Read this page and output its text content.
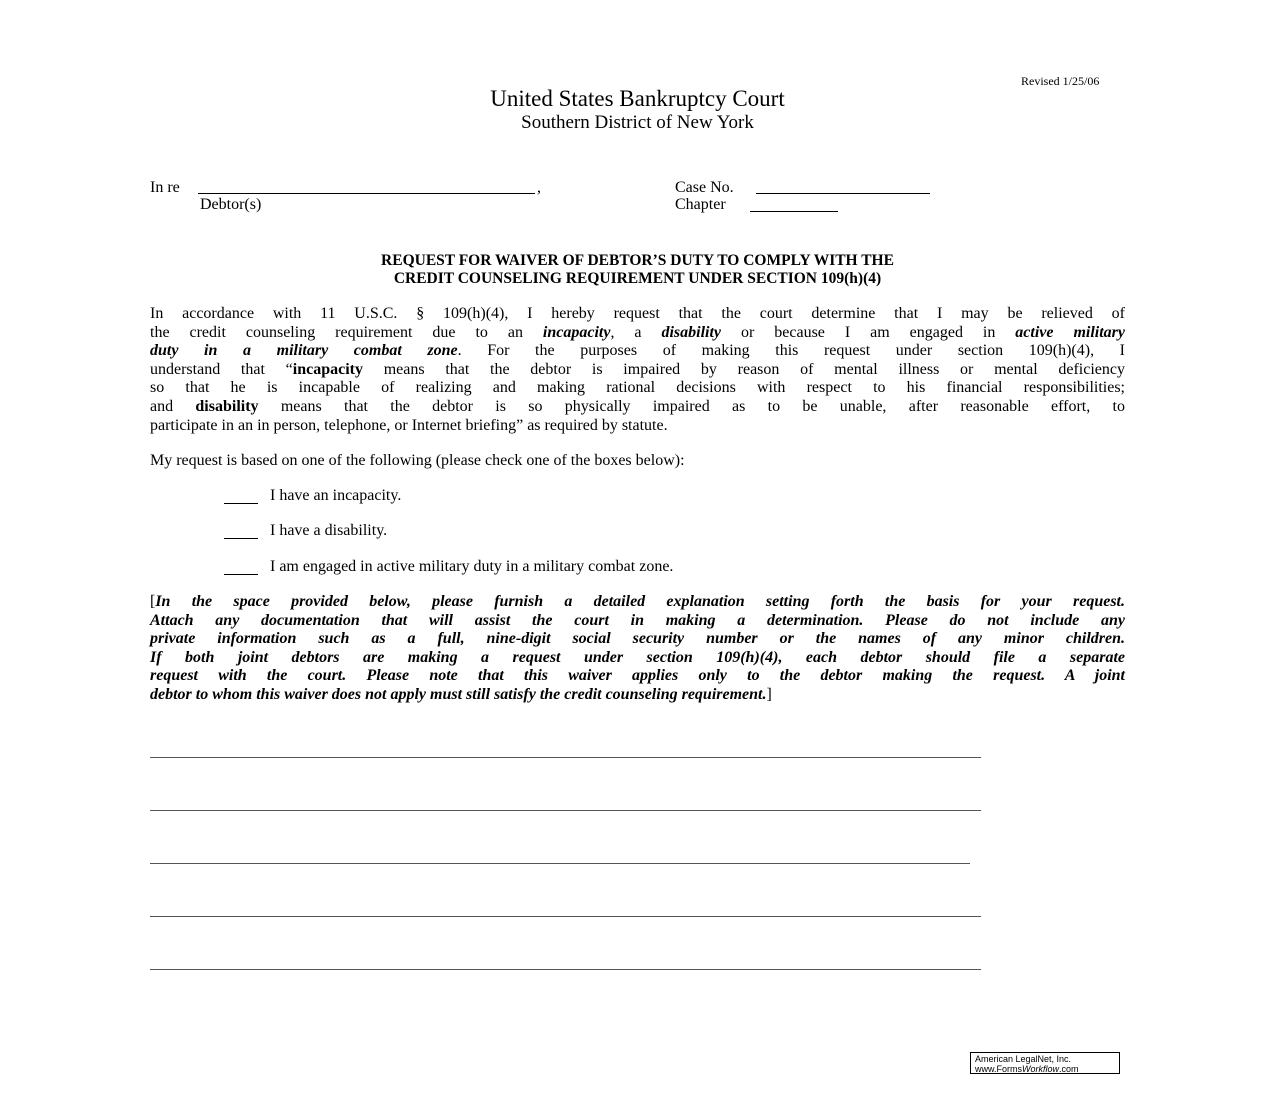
Revised 1/25/06
United States Bankruptcy Court
Southern District of New York
In re	,
Debtor(s)
Case No.
Chapter
REQUEST FOR WAIVER OF DEBTOR’S DUTY TO COMPLY WITH THE
CREDIT COUNSELING REQUIREMENT UNDER SECTION 109(h)(4)
In accordance with 11 U.S.C. § 109(h)(4), I hereby request that the court determine that I may be relieved of
the credit counseling requirement due to an incapacity, a disability or because I am engaged in active military
duty in a military combat zone. For the purposes of making this request under section 109(h)(4), I
understand that “incapacity means that the debtor is impaired by reason of mental illness or mental deficiency
so that he is incapable of realizing and making rational decisions with respect to his financial responsibilities;
and disability means that the debtor is so physically impaired as to be unable, after reasonable effort, to
participate in an in person, telephone, or Internet briefing” as required by statute.
My request is based on one of the following (please check one of the boxes below):
I have an incapacity.
I have a disability.
I am engaged in active military duty in a military combat zone.
[In the space provided below, please furnish a detailed explanation setting forth the basis for your request.
Attach any documentation that will assist the court in making a determination. Please do not include any
private information such as a full, nine-digit social security number or the names of any minor children.
If both joint debtors are making a request under section 109(h)(4), each debtor should file a separate
request with the court. Please note that this waiver applies only to the debtor making the request. A joint
debtor to whom this waiver does not apply must still satisfy the credit counseling requirement.]
American LegalNet, Inc.
www.FormsWorkflow.com
